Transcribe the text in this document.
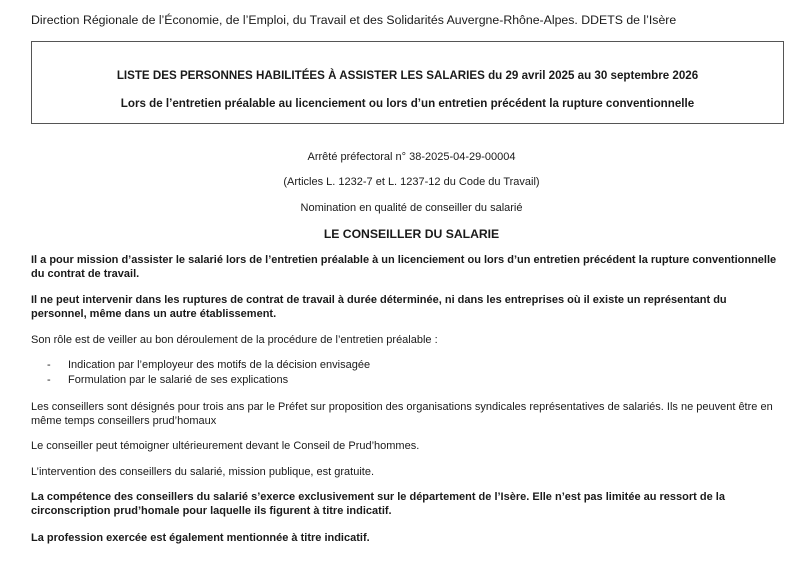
Direction Régionale de l’Économie, de l’Emploi, du Travail et des Solidarités Auvergne-Rhône-Alpes. DDETS de l’Isère
LISTE DES PERSONNES HABILITÉES À ASSISTER LES SALARIES du 29 avril 2025 au 30 septembre 2026
Lors de l’entretien préalable au licenciement ou lors d’un entretien précédent la rupture conventionnelle
Arrêté préfectoral n° 38-2025-04-29-00004
(Articles L. 1232-7 et L. 1237-12 du Code du Travail)
Nomination en qualité de conseiller du salarié
LE CONSEILLER DU SALARIE
Il a pour mission d’assister le salarié lors de l’entretien préalable à un licenciement ou lors d’un entretien précédent la rupture conventionnelle du contrat de travail.
Il ne peut intervenir dans les ruptures de contrat de travail à durée déterminée, ni dans les entreprises où il existe un représentant du personnel, même dans un autre établissement.
Son rôle est de veiller au bon déroulement de la procédure de l’entretien préalable :
- Indication par l’employeur des motifs de la décision envisagée
- Formulation par le salarié de ses explications
Les conseillers sont désignés pour trois ans par le Préfet sur proposition des organisations syndicales représentatives de salariés. Ils ne peuvent être en même temps conseillers prud’homaux
Le conseiller peut témoigner ultérieurement devant le Conseil de Prud’hommes.
L’intervention des conseillers du salarié, mission publique, est gratuite.
La compétence des conseillers du salarié s’exerce exclusivement sur le département de l’Isère. Elle n’est pas limitée au ressort de la circonscription prud’homale pour laquelle ils figurent à titre indicatif.
La profession exercée est également mentionnée à titre indicatif.
